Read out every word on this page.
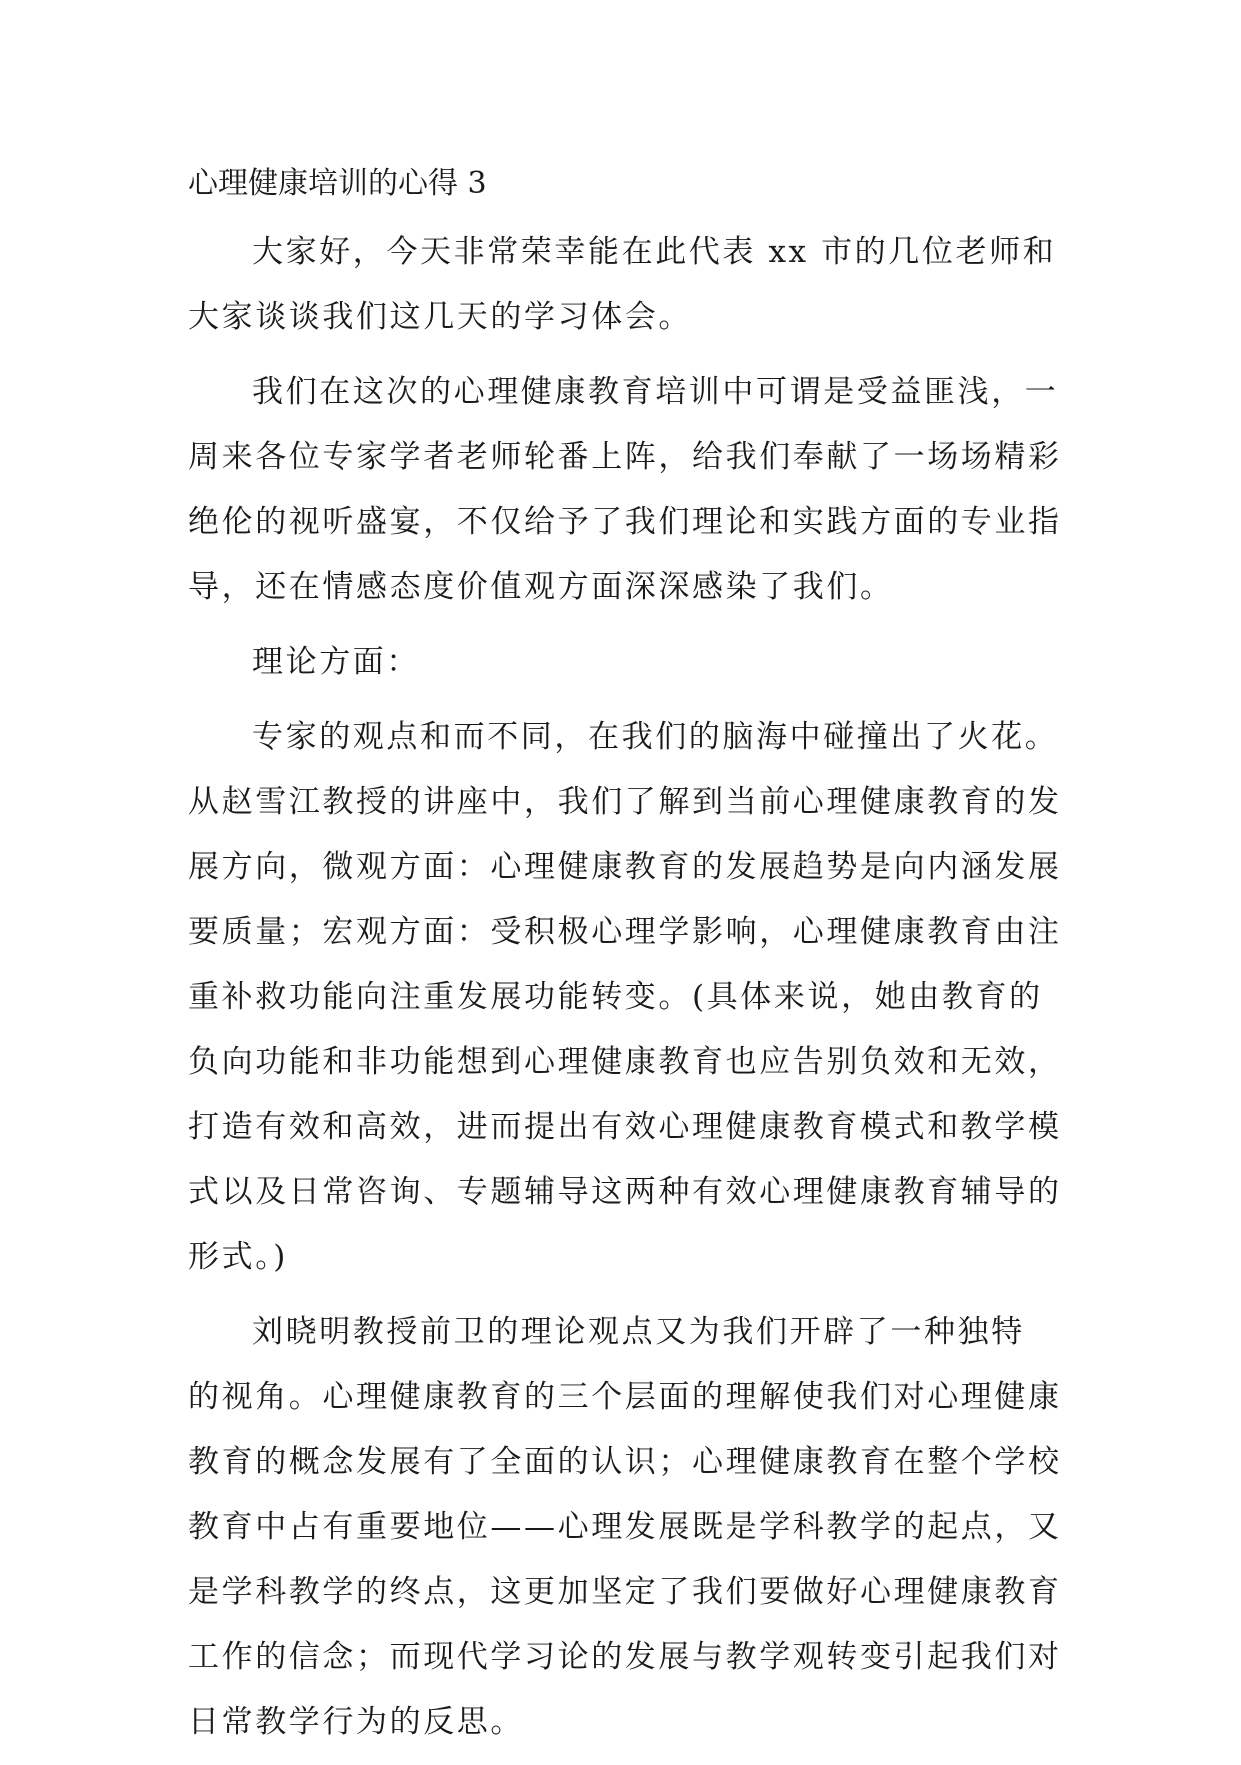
心理健康培训的心得 3
大家好，今天非常荣幸能在此代表 xx 市的几位老师和
大家谈谈我们这几天的学习体会。
我们在这次的心理健康教育培训中可谓是受益匪浅，一
周来各位专家学者老师轮番上阵，给我们奉献了一场场精彩
绝伦的视听盛宴，不仅给予了我们理论和实践方面的专业指
导，还在情感态度价值观方面深深感染了我们。
理论方面：
专家的观点和而不同，在我们的脑海中碰撞出了火花。
从赵雪江教授的讲座中，我们了解到当前心理健康教育的发
展方向，微观方面：心理健康教育的发展趋势是向内涵发展
要质量；宏观方面：受积极心理学影响，心理健康教育由注
重补救功能向注重发展功能转变。(具体来说，她由教育的
负向功能和非功能想到心理健康教育也应告别负效和无效，
打造有效和高效，进而提出有效心理健康教育模式和教学模
式以及日常咨询、专题辅导这两种有效心理健康教育辅导的
形式。)
刘晓明教授前卫的理论观点又为我们开辟了一种独特
的视角。心理健康教育的三个层面的理解使我们对心理健康
教育的概念发展有了全面的认识；心理健康教育在整个学校
教育中占有重要地位——心理发展既是学科教学的起点，又
是学科教学的终点，这更加坚定了我们要做好心理健康教育
工作的信念；而现代学习论的发展与教学观转变引起我们对
日常教学行为的反思。
